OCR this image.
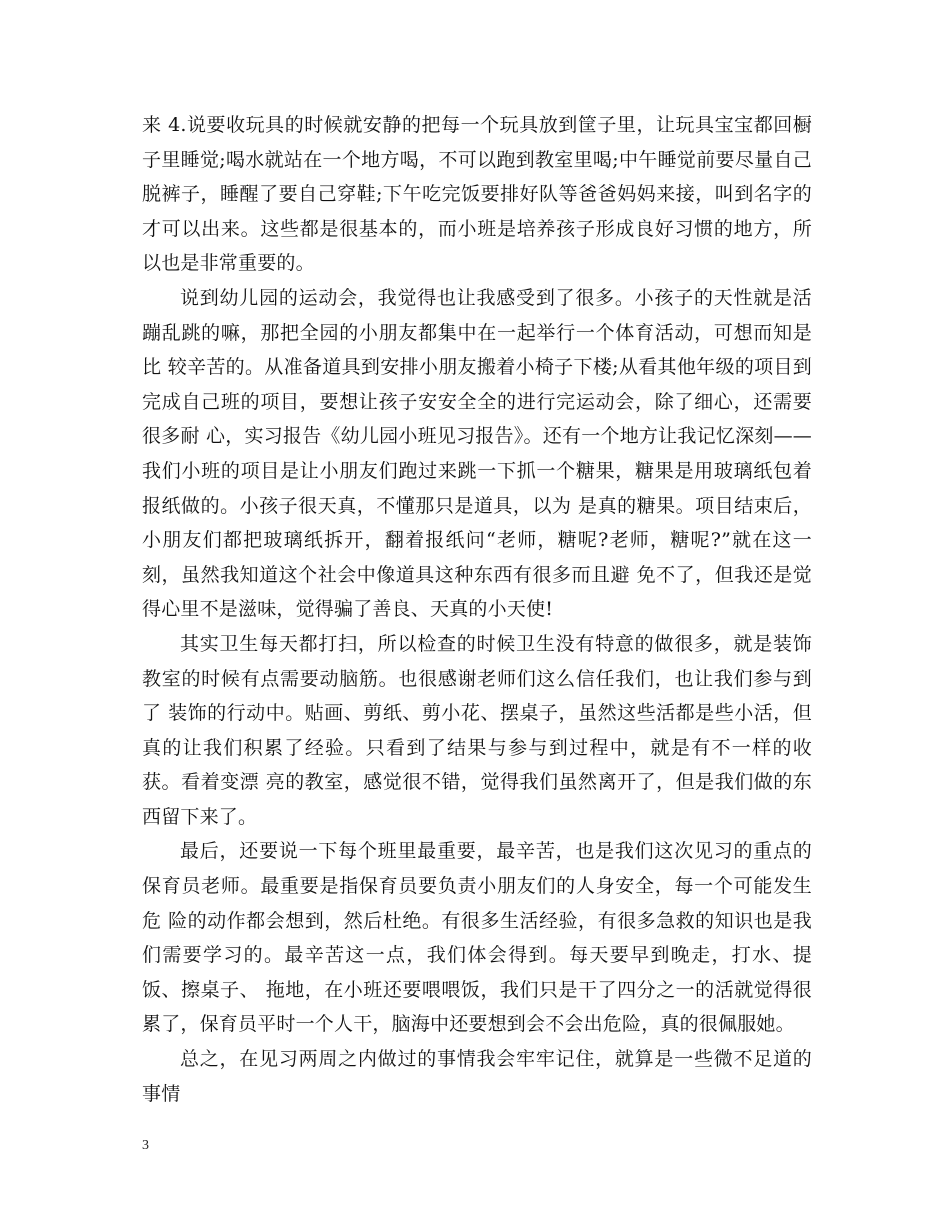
来 4.说要收玩具的时候就安静的把每一个玩具放到筐子里，让玩具宝宝都回橱子里睡觉;喝水就站在一个地方喝，不可以跑到教室里喝;中午睡觉前要尽量自己脱裤子，睡醒了要自己穿鞋;下午吃完饭要排好队等爸爸妈妈来接，叫到名字的才可以出来。这些都是很基本的，而小班是培养孩子形成良好习惯的地方，所以也是非常重要的。

说到幼儿园的运动会，我觉得也让我感受到了很多。小孩子的天性就是活蹦乱跳的嘛，那把全园的小朋友都集中在一起举行一个体育活动，可想而知是比 较辛苦的。从准备道具到安排小朋友搬着小椅子下楼;从看其他年级的项目到完成自己班的项目，要想让孩子安安全全的进行完运动会，除了细心，还需要很多耐 心，实习报告《幼儿园小班见习报告》。还有一个地方让我记忆深刻——我们小班的项目是让小朋友们跑过来跳一下抓一个糖果，糖果是用玻璃纸包着报纸做的。小孩子很天真，不懂那只是道具，以为 是真的糖果。项目结束后，小朋友们都把玻璃纸拆开，翻着报纸问“老师，糖呢?老师，糖呢?”就在这一刻，虽然我知道这个社会中像道具这种东西有很多而且避 免不了，但我还是觉得心里不是滋味，觉得骗了善良、天真的小天使!

其实卫生每天都打扫，所以检查的时候卫生没有特意的做很多，就是装饰教室的时候有点需要动脑筋。也很感谢老师们这么信任我们，也让我们参与到了 装饰的行动中。贴画、剪纸、剪小花、摆桌子，虽然这些活都是些小活，但真的让我们积累了经验。只看到了结果与参与到过程中，就是有不一样的收获。看着变漂 亮的教室，感觉很不错，觉得我们虽然离开了，但是我们做的东西留下来了。

最后，还要说一下每个班里最重要，最辛苦，也是我们这次见习的重点的保育员老师。最重要是指保育员要负责小朋友们的人身安全，每一个可能发生危 险的动作都会想到，然后杜绝。有很多生活经验，有很多急救的知识也是我们需要学习的。最辛苦这一点，我们体会得到。每天要早到晚走，打水、提饭、擦桌子、 拖地，在小班还要喂喂饭，我们只是干了四分之一的活就觉得很累了，保育员平时一个人干，脑海中还要想到会不会出危险，真的很佩服她。

总之，在见习两周之内做过的事情我会牢牢记住，就算是一些微不足道的事情

3
